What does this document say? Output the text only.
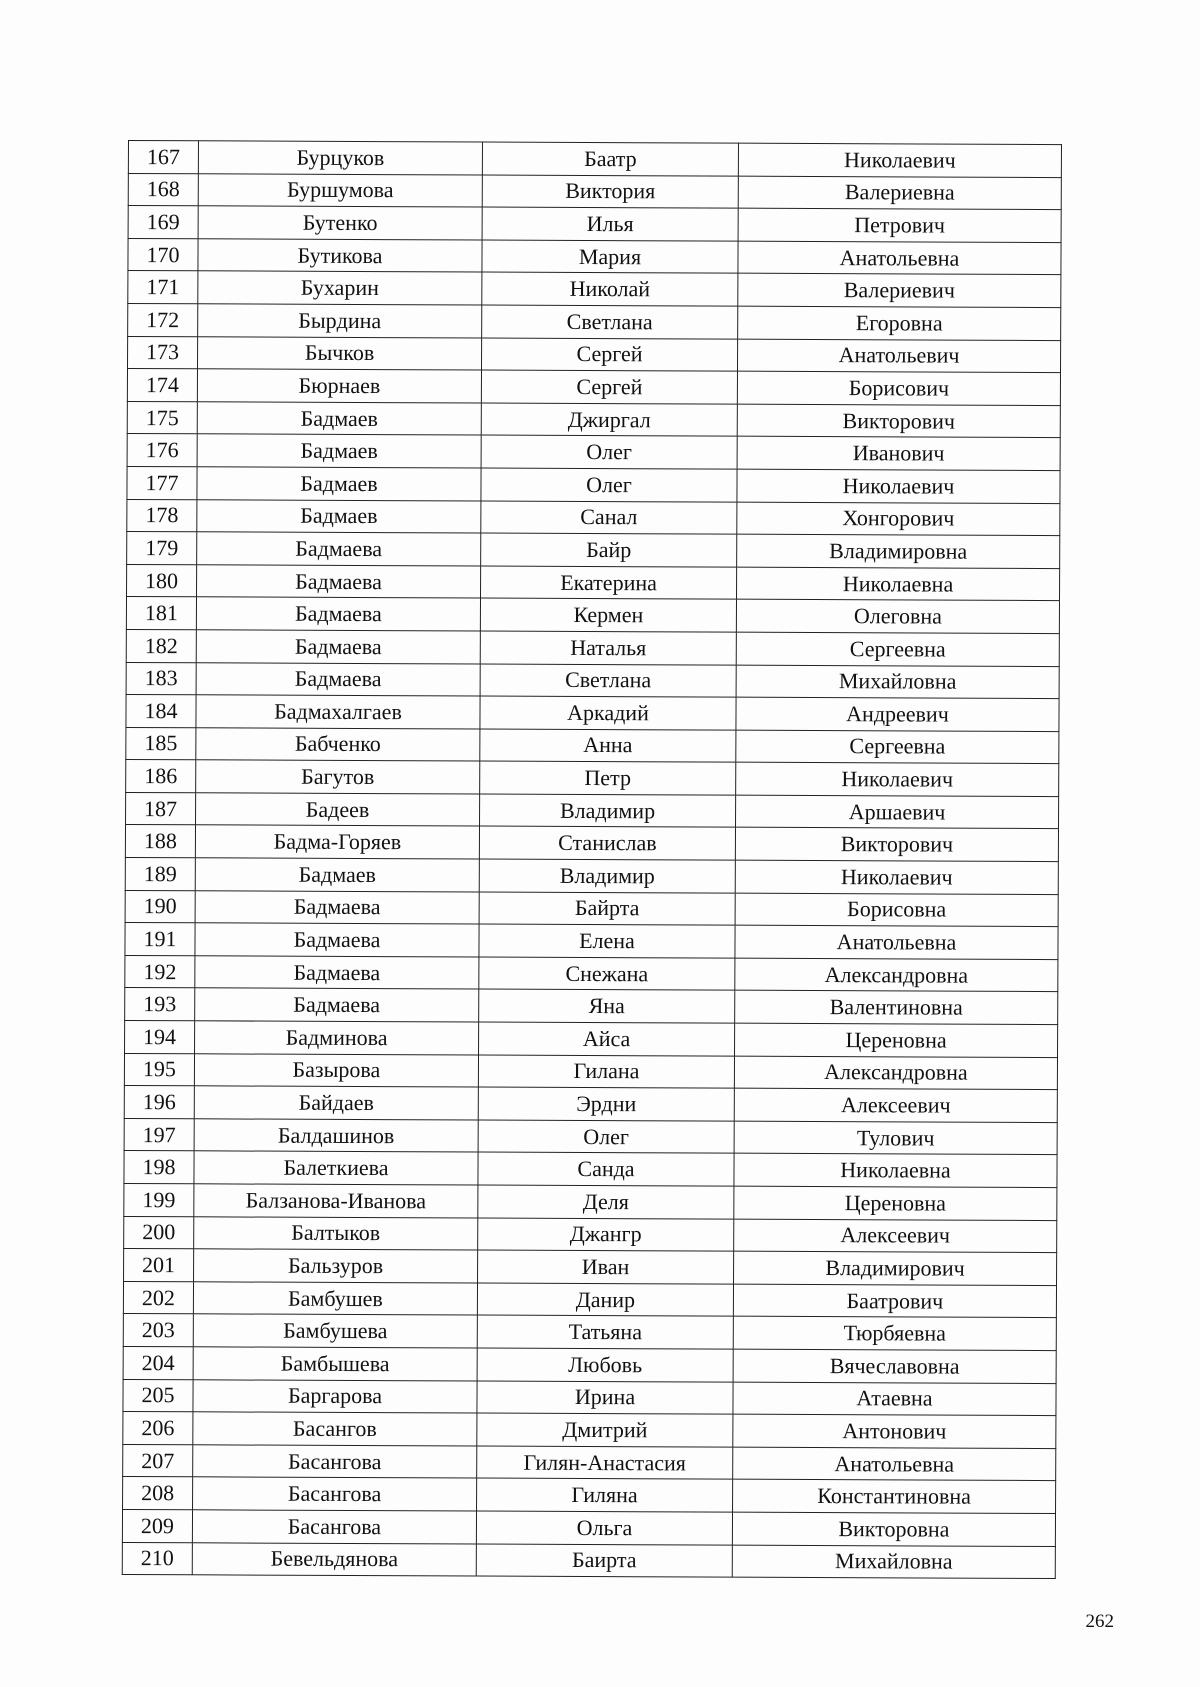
167	Бурцуков	Баатр	Николаевич
168	Буршумова	Виктория	Валериевна
169	Бутенко	Илья	Петрович
170	Бутикова	Мария	Анатольевна
171	Бухарин	Николай	Валериевич
172	Быpдина	Светлана	Егоровна
173	Бычков	Сергей	Анатольевич
174	Бюрнаев	Сергей	Борисович
175	Бадмаев	Джиргал	Викторович
176	Бадмаев	Олег	Иванович
177	Бадмаев	Олег	Николаевич
178	Бадмаев	Санал	Хонгорович
179	Бадмаева	Байр	Владимировна
180	Бадмаева	Екатерина	Николаевна
181	Бадмаева	Кермен	Олеговна
182	Бадмаева	Наталья	Сергеевна
183	Бадмаева	Светлана	Михайловна
184	Бадмахалгаев	Аркадий	Андреевич
185	Бабченко	Анна	Сергеевна
186	Багутов	Петр	Николаевич
187	Бадеев	Владимир	Аршаевич
188	Бадма-Горяев	Станислав	Викторович
189	Бадмаев	Владимир	Николаевич
190	Бадмаева	Байрта	Борисовна
191	Бадмаева	Елена	Анатольевна
192	Бадмаева	Снежана	Александровна
193	Бадмаева	Яна	Валентиновна
194	Бадминова	Айса	Цереновна
195	Базырова	Гилана	Александровна
196	Байдаев	Эрдни	Алексеевич
197	Балдашинов	Олег	Тулович
198	Балеткиева	Санда	Николаевна
199	Балзанова-Иванова	Деля	Цереновна
200	Балтыков	Джангр	Алексеевич
201	Бальзуров	Иван	Владимирович
202	Бамбушев	Данир	Баатрович
203	Бамбушева	Татьяна	Тюрбяевна
204	Бамбышева	Любовь	Вячеславовна
205	Баргарова	Ирина	Атаевна
206	Басангов	Дмитрий	Антонович
207	Басангова	Гилян-Анастасия	Анатольевна
208	Басангова	Гиляна	Константиновна
209	Басангова	Ольга	Викторовна
210	Бевельдянова	Баирта	Михайловна
262
